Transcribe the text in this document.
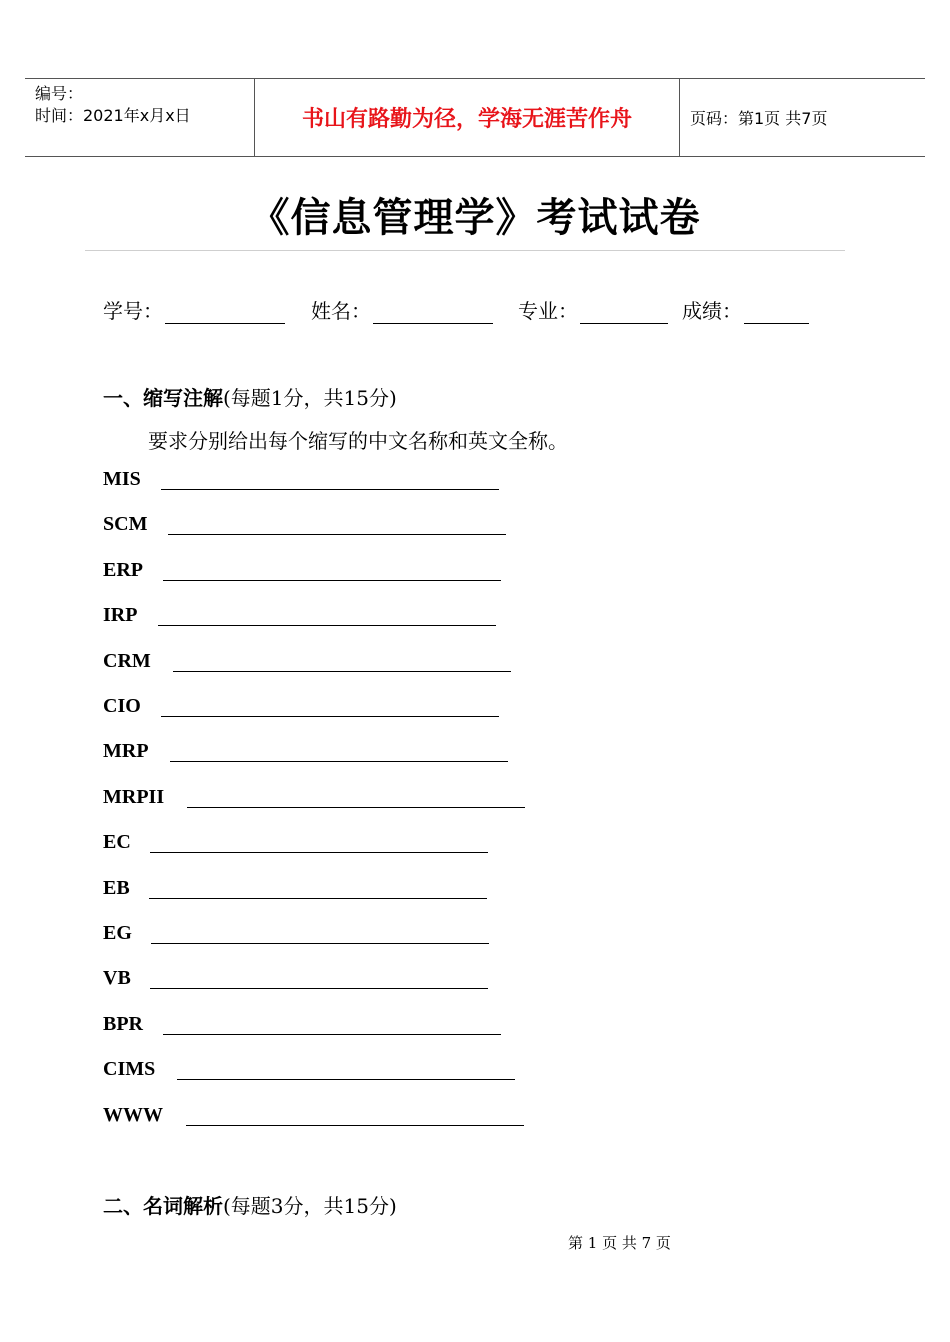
编号：
时间：2021年x月x日	书山有路勤为径，学海无涯苦作舟	页码：第1页 共7页
《信息管理学》考试试卷
学号：	姓名：	专业：	成绩：
一、缩写注解(每题1分，共15分)
要求分别给出每个缩写的中文名称和英文全称。
MIS
SCM
ERP
IRP
CRM
CIO
MRP
MRPII
EC
EB
EG
VB
BPR
CIMS
WWW
二、名词解析(每题3分，共15分)
第 1 页 共 7 页
